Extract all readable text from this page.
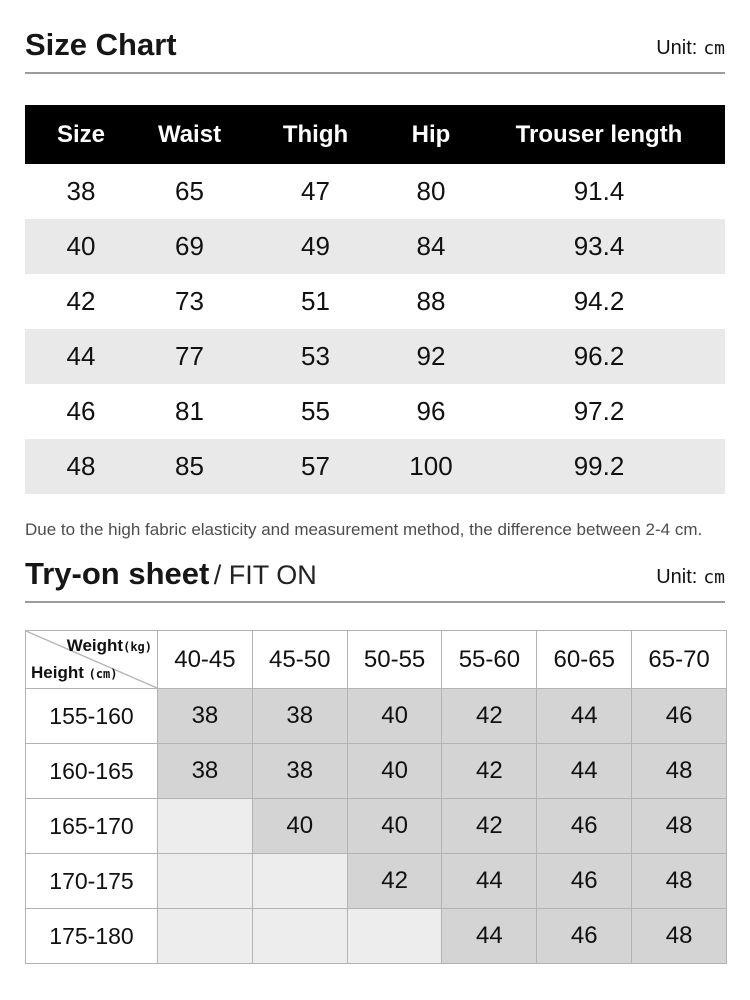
Size Chart	Unit: cm
Size	Waist	Thigh	Hip	Trouser length
38	65	47	80	91.4
40	69	49	84	93.4
42	73	51	88	94.2
44	77	53	92	96.2
46	81	55	96	97.2
48	85	57	100	99.2
Due to the high fabric elasticity and measurement method, the difference between 2-4 cm.
Try-on sheet / FIT ON	Unit: cm
Weight(kg)
Height (cm)	40-45	45-50	50-55	55-60	60-65	65-70
155-160	38	38	40	42	44	46
160-165	38	38	40	42	44	48
165-170		40	40	42	46	48
170-175			42	44	46	48
175-180				44	46	48
